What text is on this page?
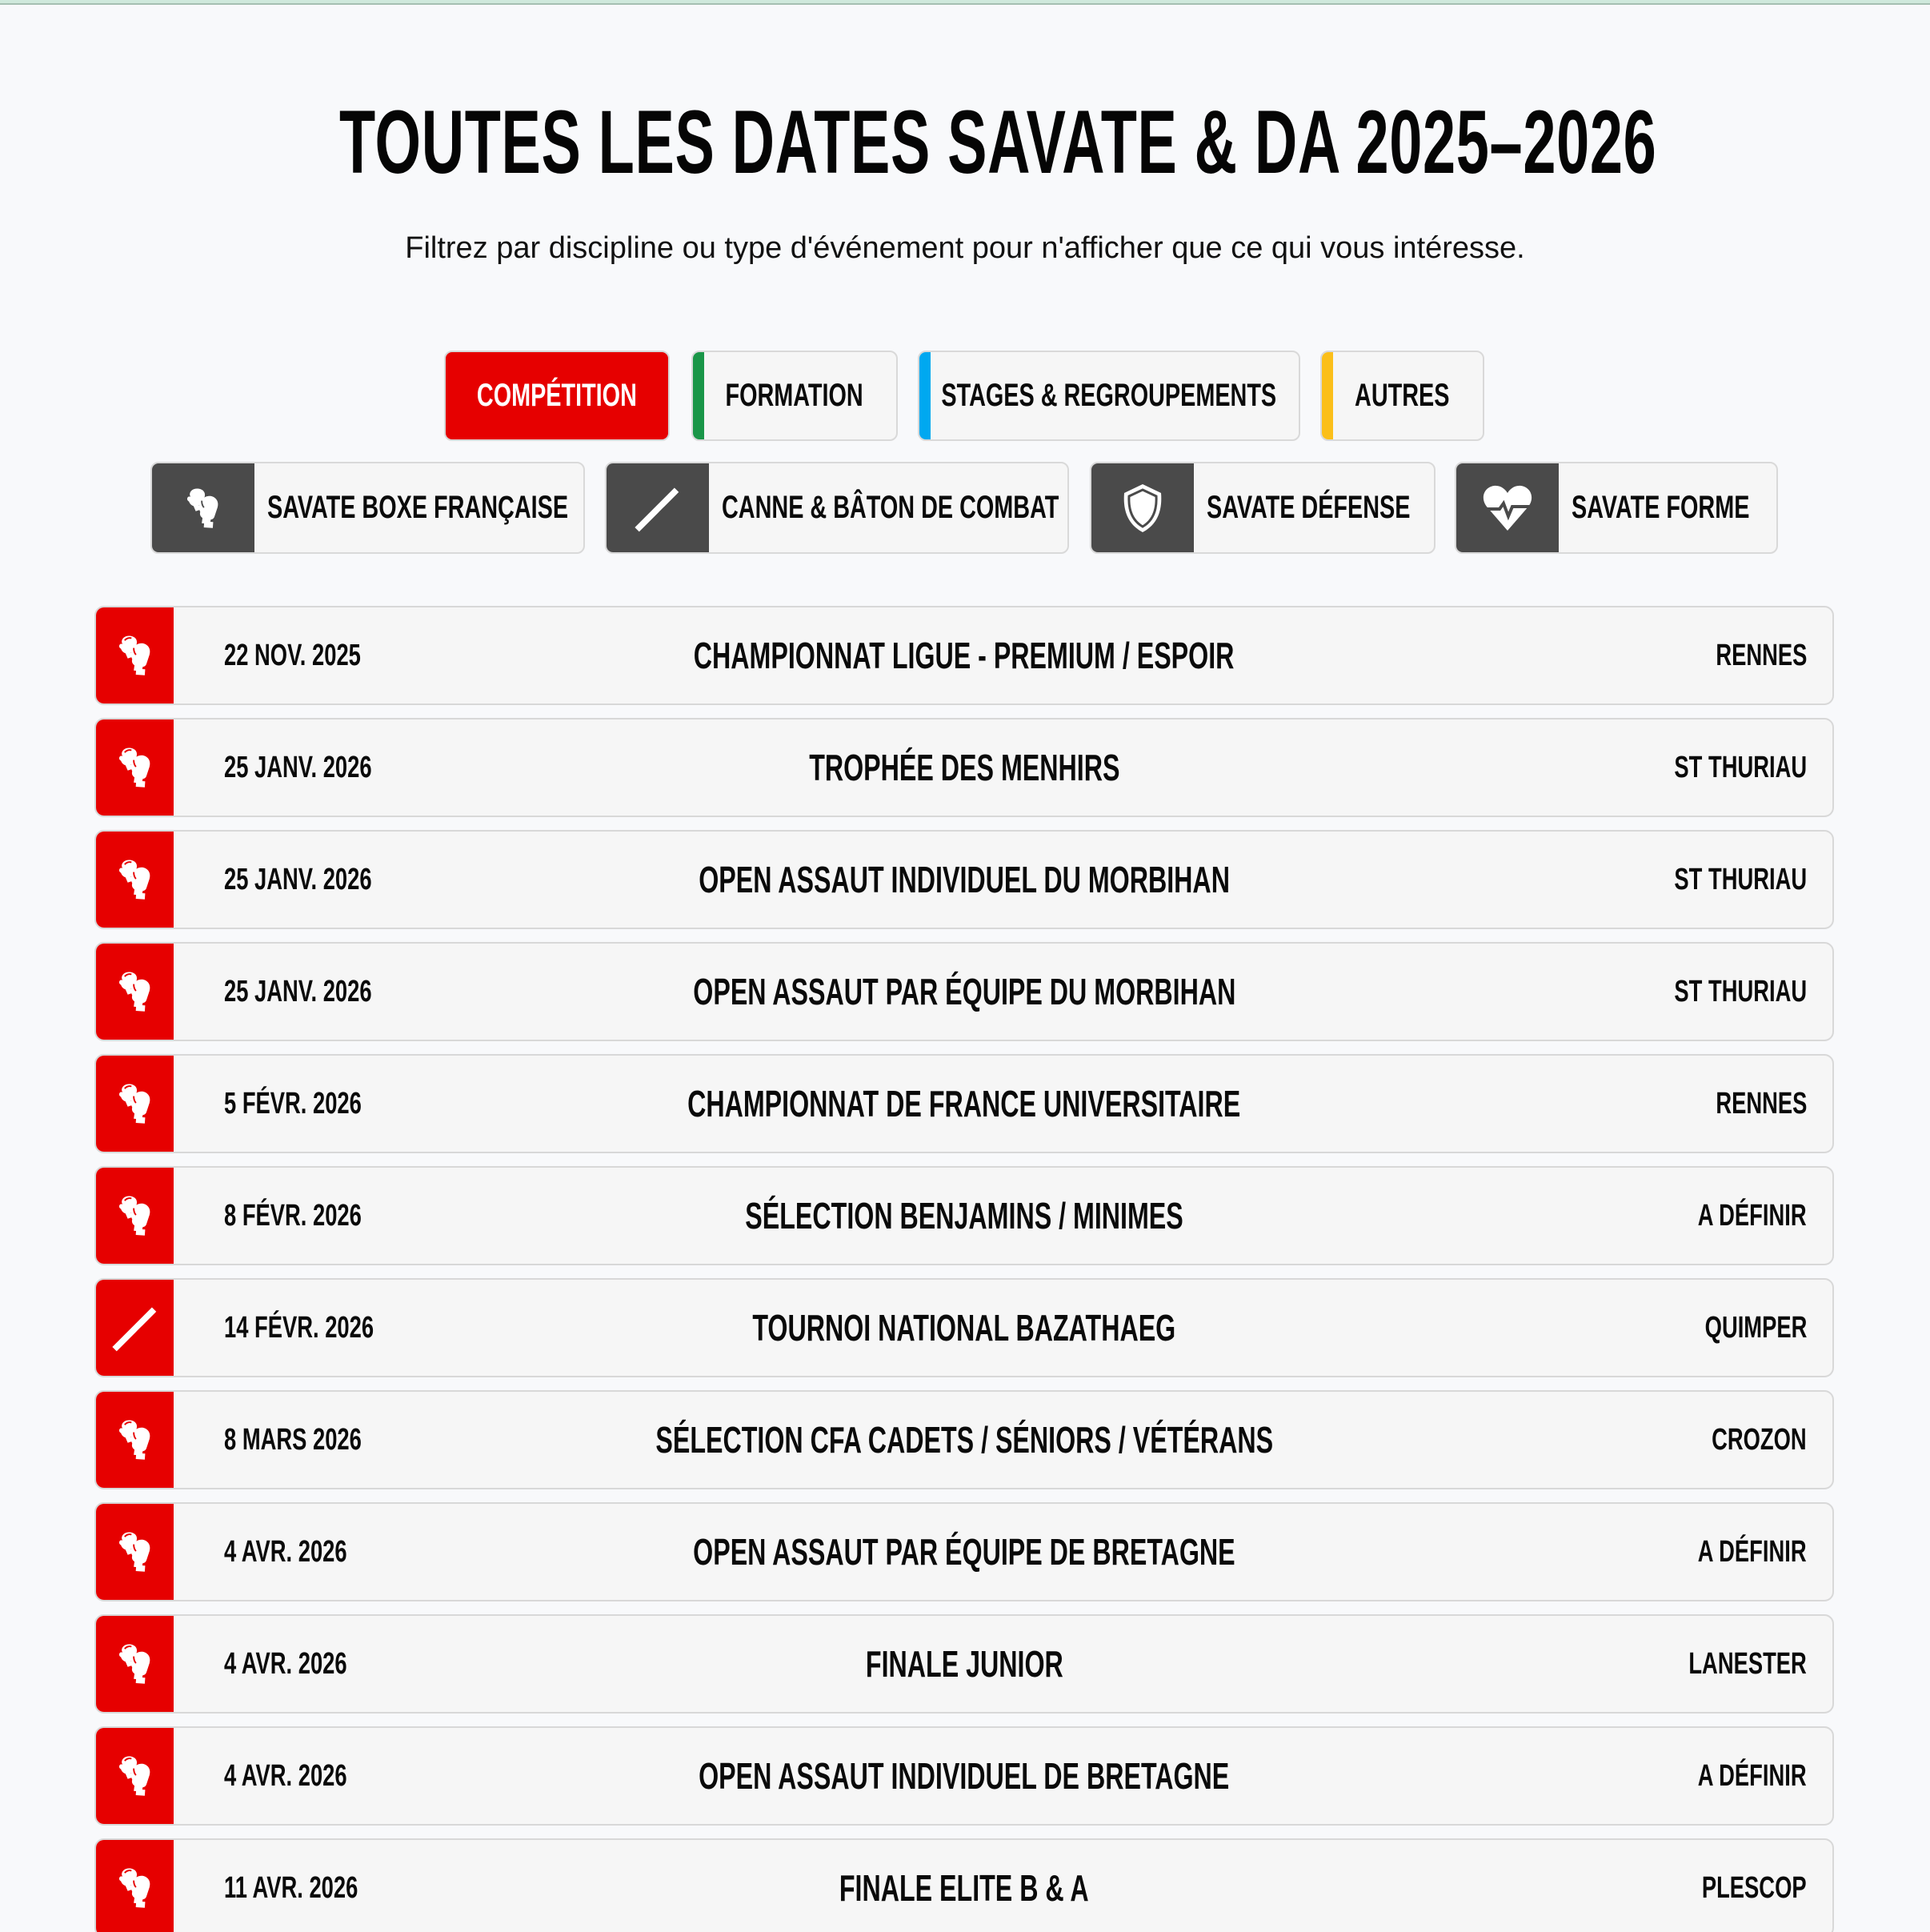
TOUTES LES DATES SAVATE & DA 2025–2026

Filtrez par discipline ou type d'événement pour n'afficher que ce qui vous intéresse.

COMPÉTITION	FORMATION STAGES & REGROUPEMENTS AUTRES
SAVATE BOXE FRANÇAISE	CANNE & BÂTON DE COMBAT	SAVATE DÉFENSE	SAVATE FORME
22 NOV. 2025	CHAMPIONNAT LIGUE - PREMIUM / ESPOIR	RENNES
25 JANV. 2026	TROPHÉE DES MENHIRS	ST THURIAU
25 JANV. 2026	OPEN ASSAUT INDIVIDUEL DU MORBIHAN	ST THURIAU
25 JANV. 2026	OPEN ASSAUT PAR ÉQUIPE DU MORBIHAN	ST THURIAU
5 FÉVR. 2026	CHAMPIONNAT DE FRANCE UNIVERSITAIRE	RENNES
8 FÉVR. 2026	SÉLECTION BENJAMINS / MINIMES	A DÉFINIR
14 FÉVR. 2026	TOURNOI NATIONAL BAZATHAEG	QUIMPER
8 MARS 2026	SÉLECTION CFA CADETS / SÉNIORS / VÉTÉRANS	CROZON
4 AVR. 2026	OPEN ASSAUT PAR ÉQUIPE DE BRETAGNE	A DÉFINIR
4 AVR. 2026	FINALE JUNIOR	LANESTER
4 AVR. 2026	OPEN ASSAUT INDIVIDUEL DE BRETAGNE	A DÉFINIR
11 AVR. 2026	FINALE ELITE B & A	PLESCOP
